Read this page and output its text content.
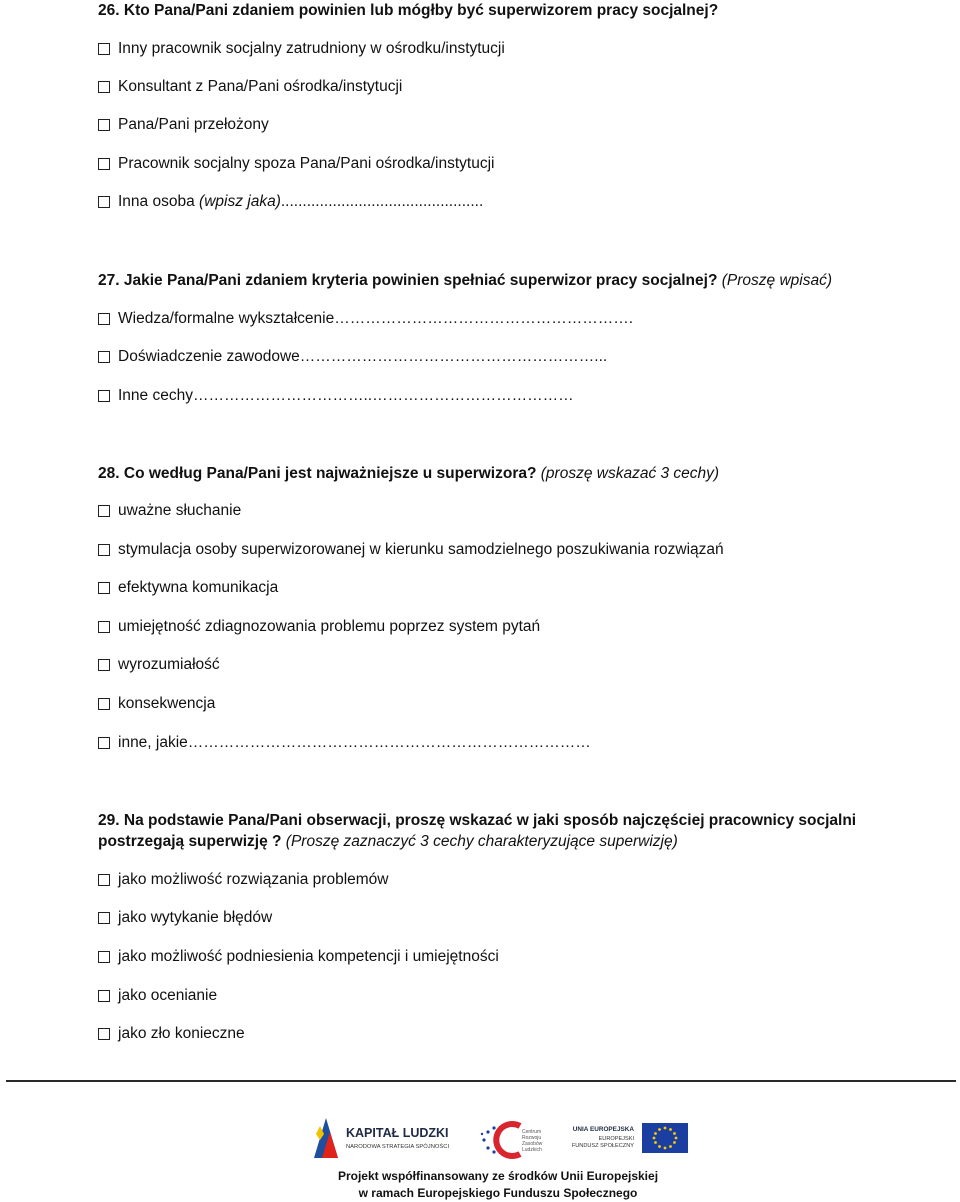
26. Kto Pana/Pani zdaniem powinien lub mógłby być superwizorem pracy socjalnej?
Inny pracownik socjalny zatrudniony w ośrodku/instytucji
Konsultant z Pana/Pani ośrodka/instytucji
Pana/Pani przełożony
Pracownik socjalny spoza Pana/Pani ośrodka/instytucji
Inna osoba
(wpisz jaka) ...............................................
27. Jakie Pana/Pani zdaniem kryteria powinien spełniać superwizor pracy socjalnej? (Proszę wpisać)
Wiedza/formalne wykształcenie ………………………………………………….
Doświadczenie zawodowe …………………………………………………...
Inne cechy ……………………………..…………………………………
28. Co według Pana/Pani jest najważniejsze u superwizora? (proszę wskazać 3 cechy)
uważne słuchanie
stymulacja osoby superwizorowanej w kierunku samodzielnego poszukiwania rozwiązań
efektywna komunikacja
umiejętność zdiagnozowania problemu poprzez system pytań
wyrozumiałość
konsekwencja
inne, jakie ……………………………………………………………………
29. Na podstawie Pana/Pani obserwacji, proszę wskazać w jaki sposób najczęściej pracownicy socjalni postrzegają superwizję ? (Proszę zaznaczyć 3 cechy charakteryzujące superwizję)
jako możliwość rozwiązania problemów
jako wytykanie błędów
jako możliwość podniesienia kompetencji i umiejętności
jako ocenianie
jako zło konieczne
KAPITAŁ LUDZKI
NARODOWA STRATEGIA SPÓJNOŚCI
Centrum
Rozwoju
Zasobów
Ludzkich
UNIA EUROPEJSKA
EUROPEJSKI
FUNDUSZ SPOŁECZNY
Projekt współfinansowany ze środków Unii Europejskiej
w ramach Europejskiego Funduszu Społecznego
